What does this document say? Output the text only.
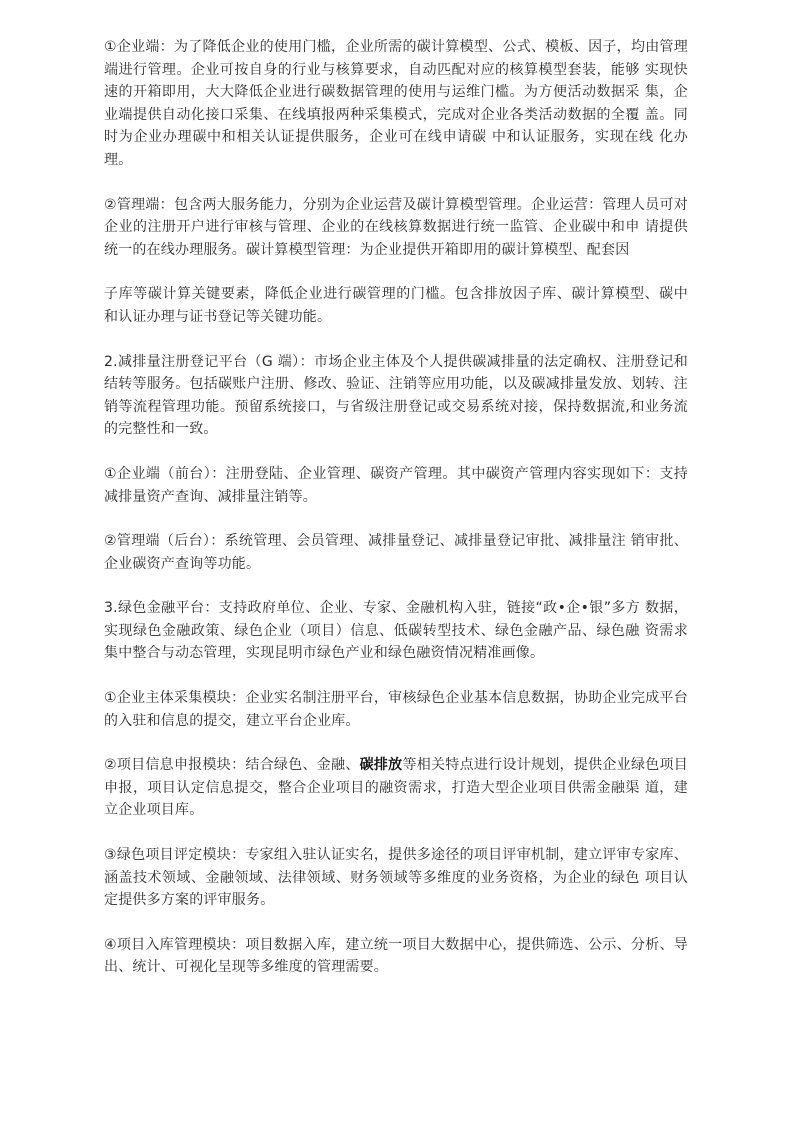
①企业端：为了降低企业的使用门槛，企业所需的碳计算模型、公式、模板、因子，均由管理端进行管理。企业可按自身的行业与核算要求，自动匹配对应的核算模型套装，能够 实现快速的开箱即用，大大降低企业进行碳数据管理的使用与运维门槛。为方便活动数据采 集，企业端提供自动化接口采集、在线填报两种采集模式，完成对企业各类活动数据的全覆 盖。同时为企业办理碳中和相关认证提供服务，企业可在线申请碳 中和认证服务，实现在线 化办理。

②管理端：包含两大服务能力，分别为企业运营及碳计算模型管理。企业运营：管理人员可对企业的注册开户进行审核与管理、企业的在线核算数据进行统一监管、企业碳中和申 请提供统一的在线办理服务。碳计算模型管理：为企业提供开箱即用的碳计算模型、配套因

子库等碳计算关键要素，降低企业进行碳管理的门槛。包含排放因子库、碳计算模型、碳中 和认证办理与证书登记等关键功能。

2.减排量注册登记平台（G 端）：市场企业主体及个人提供碳减排量的法定确权、注册登记和结转等服务。包括碳账户注册、修改、验证、注销等应用功能，以及碳减排量发放、划转、注销等流程管理功能。预留系统接口，与省级注册登记或交易系统对接，保持数据流,和业务流的完整性和一致。

①企业端（前台）：注册登陆、企业管理、碳资产管理。其中碳资产管理内容实现如下：支持减排量资产查询、减排量注销等。

②管理端（后台）：系统管理、会员管理、减排量登记、减排量登记审批、减排量注 销审批、企业碳资产查询等功能。

3.绿色金融平台：支持政府单位、企业、专家、金融机构入驻，链接“政•企•银”多方 数据，实现绿色金融政策、绿色企业（项目）信息、低碳转型技术、绿色金融产品、绿色融 资需求集中整合与动态管理，实现昆明市绿色产业和绿色融资情况精准画像。

①企业主体采集模块：企业实名制注册平台，审核绿色企业基本信息数据，协助企业完成平台的入驻和信息的提交，建立平台企业库。

②项目信息申报模块：结合绿色、金融、碳排放等相关特点进行设计规划，提供企业绿色项目申报，项目认定信息提交，整合企业项目的融资需求，打造大型企业项目供需金融渠 道，建立企业项目库。

③绿色项目评定模块：专家组入驻认证实名，提供多途径的项目评审机制，建立评审专家库、涵盖技术领域、金融领域、法律领域、财务领域等多维度的业务资格，为企业的绿色 项目认定提供多方案的评审服务。

④项目入库管理模块：项目数据入库，建立统一项目大数据中心，提供筛选、公示、分析、导出、统计、可视化呈现等多维度的管理需要。
